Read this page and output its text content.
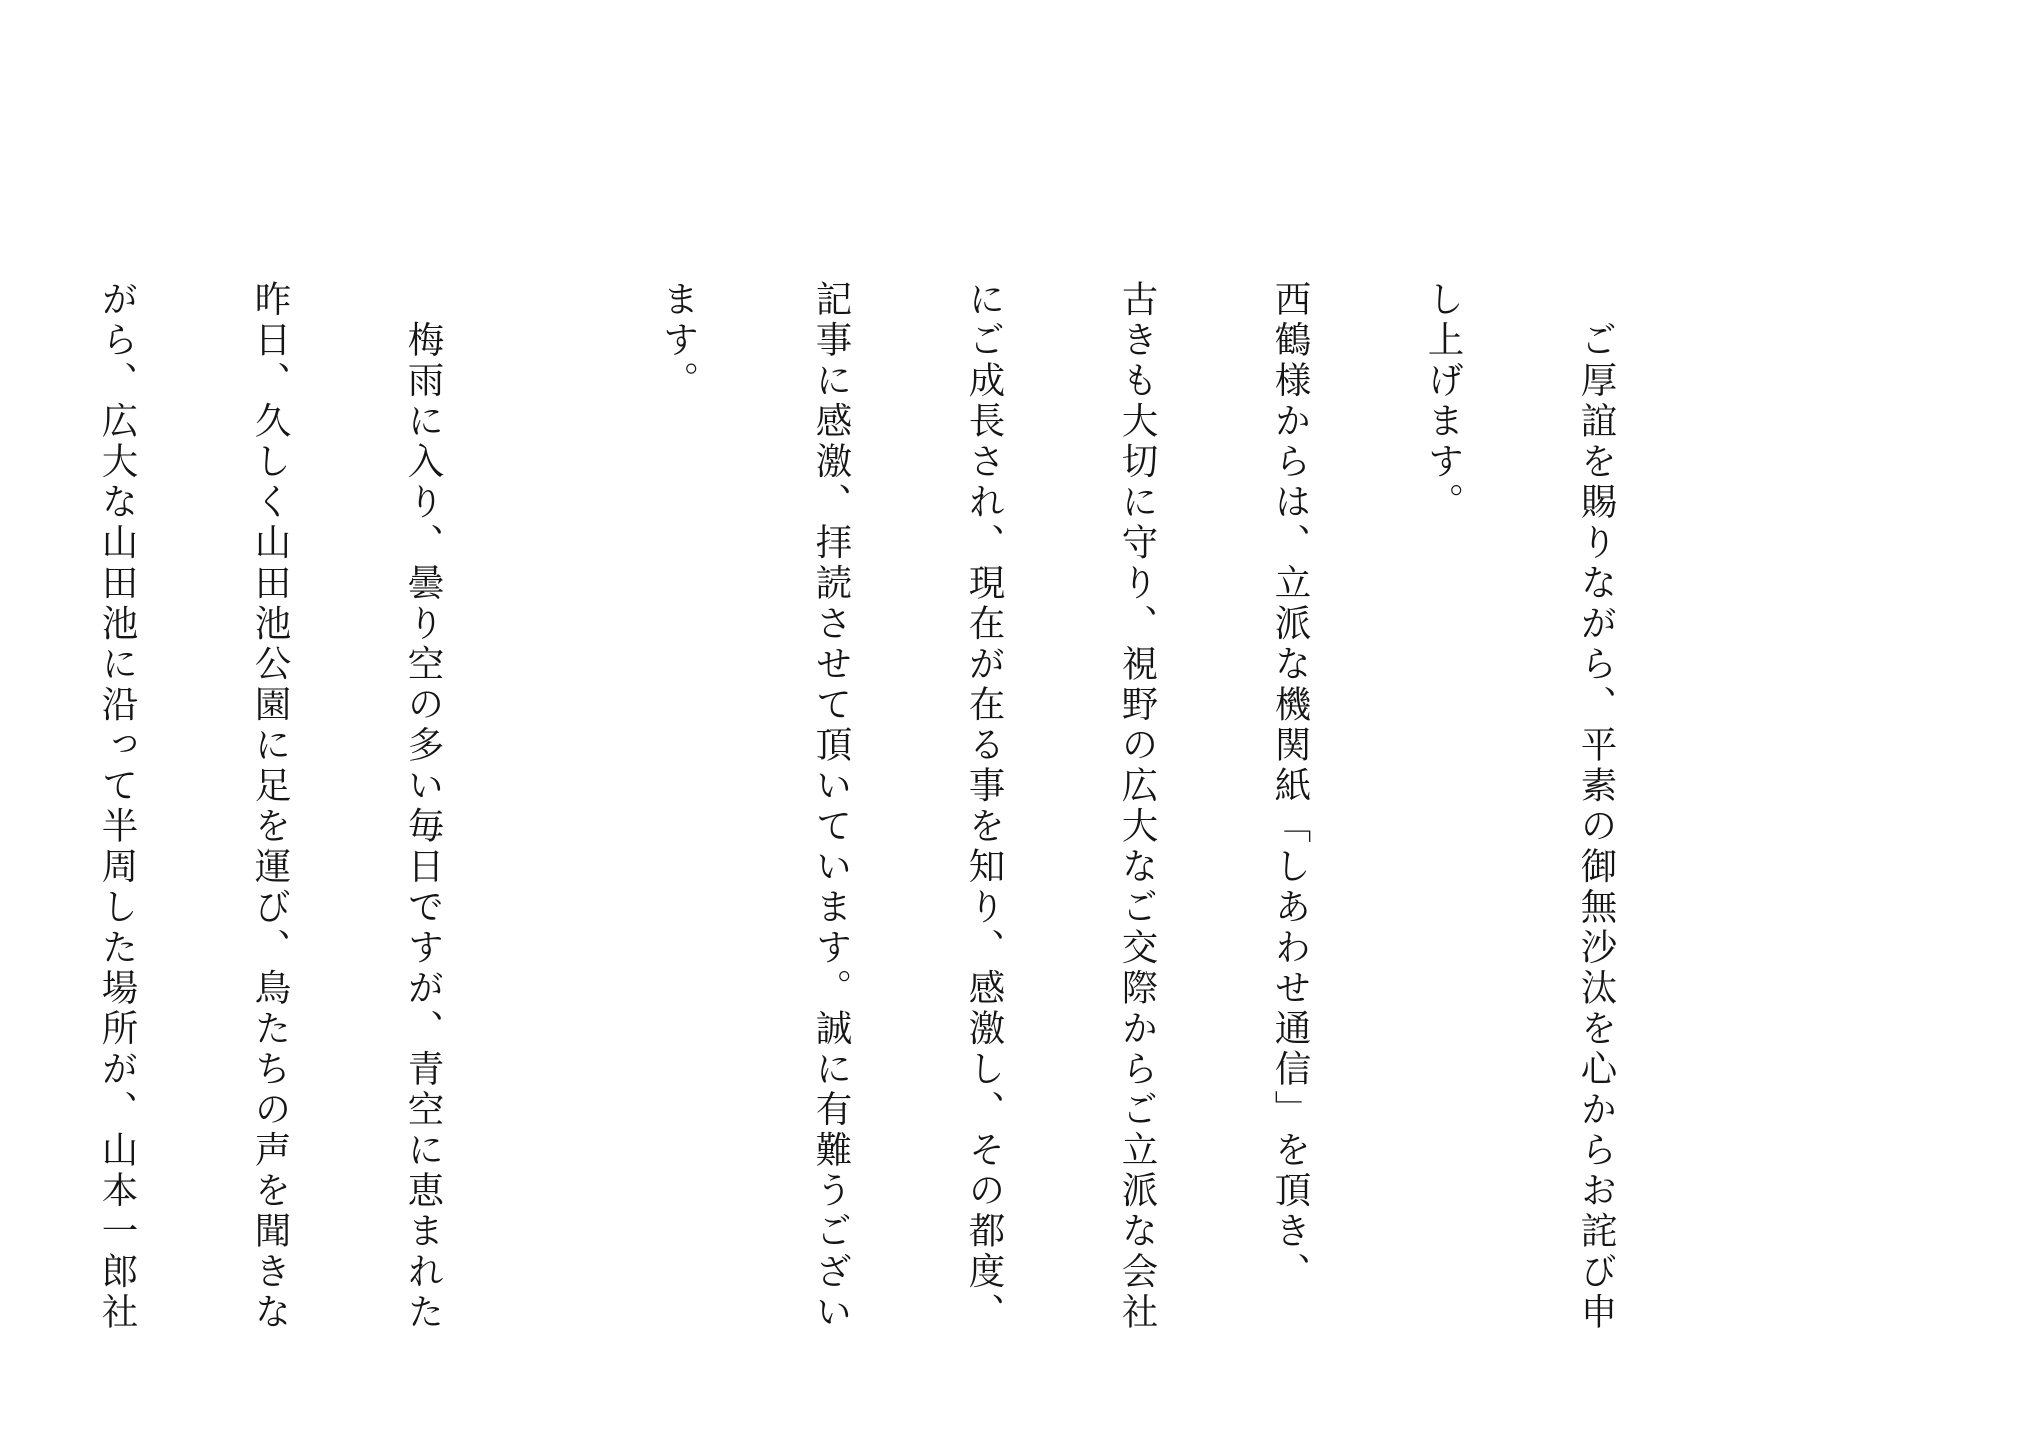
ご厚誼を賜りながら、平素の御無沙汰を心からお詫び申

し上げます。

西鶴様からは、立派な機関紙「しあわせ通信」を頂き、

古きも大切に守り、視野の広大なご交際からご立派な会社

にご成長され、現在が在る事を知り、感激し、その都度、

記事に感激、拝読させて頂いています。誠に有難うござい

ます。

梅雨に入り、曇り空の多い毎日ですが、青空に恵まれた

昨日、久しく山田池公園に足を運び、鳥たちの声を聞きな

がら、広大な山田池に沿って半周した場所が、山本一郎社
